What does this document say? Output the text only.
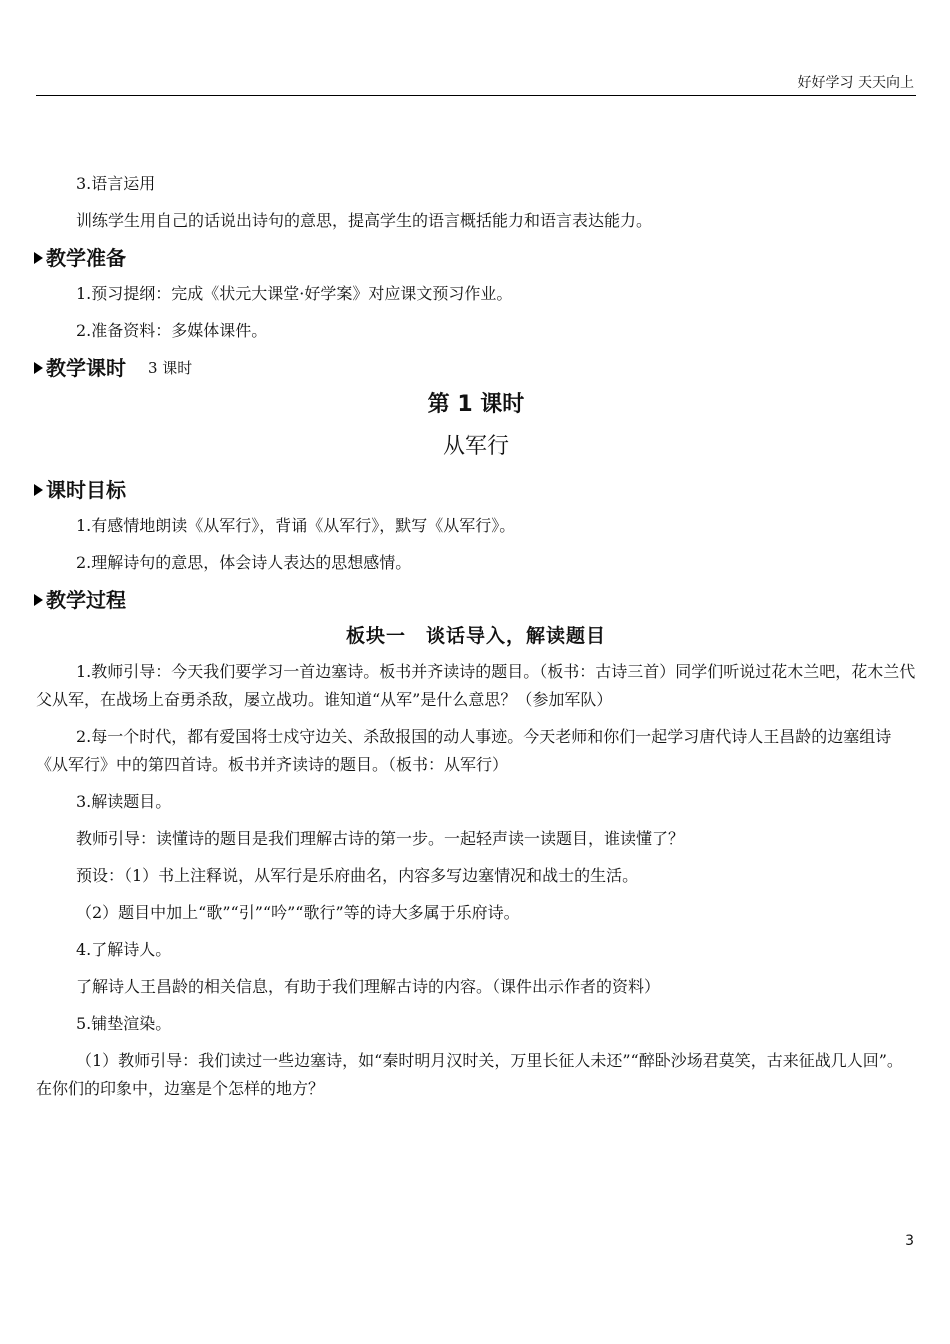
好好学习 天天向上

3.语言运用

训练学生用自己的话说出诗句的意思，提高学生的语言概括能力和语言表达能力。

教学准备

1.预习提纲：完成《状元大课堂·好学案》对应课文预习作业。

2.准备资料：多媒体课件。

教学课时 3 课时
第 1 课时
从军行
课时目标

1.有感情地朗读《从军行》，背诵《从军行》，默写《从军行》。

2.理解诗句的意思，体会诗人表达的思想感情。

教学过程
板块一　谈话导入，解读题目

1.教师引导：今天我们要学习一首边塞诗。板书并齐读诗的题目。（板书：古诗三首）同学们听说过花木兰吧，花木兰代父从军，在战场上奋勇杀敌，屡立战功。谁知道“从军”是什么意思？（参加军队）

2.每一个时代，都有爱国将士戍守边关、杀敌报国的动人事迹。今天老师和你们一起学习唐代诗人王昌龄的边塞组诗《从军行》中的第四首诗。板书并齐读诗的题目。（板书：从军行）

3.解读题目。

教师引导：读懂诗的题目是我们理解古诗的第一步。一起轻声读一读题目，谁读懂了？

预设：（1）书上注释说，从军行是乐府曲名，内容多写边塞情况和战士的生活。

（2）题目中加上“歌”“引”“吟”“歌行”等的诗大多属于乐府诗。

4.了解诗人。

了解诗人王昌龄的相关信息，有助于我们理解古诗的内容。（课件出示作者的资料）

5.铺垫渲染。

（1）教师引导：我们读过一些边塞诗，如“秦时明月汉时关，万里长征人未还”“醉卧沙场君莫笑，古来征战几人回”。在你们的印象中，边塞是个怎样的地方？

3
